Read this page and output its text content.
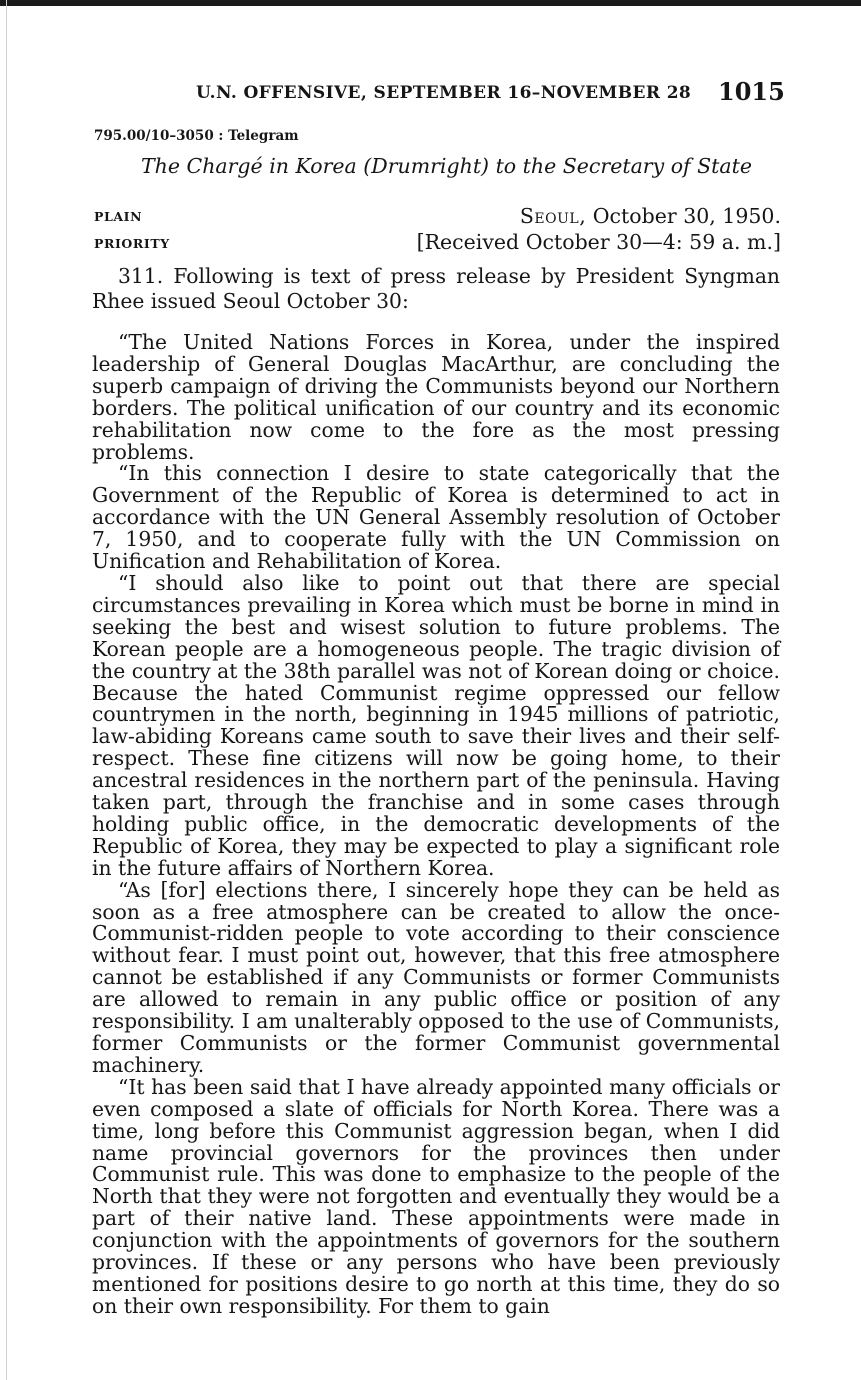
U.N. OFFENSIVE, SEPTEMBER 16–NOVEMBER 28 1015
795.00/10–3050 : Telegram
The Chargé in Korea (Drumright) to the Secretary of State
PLAIN
PRIORITY
Seoul, October 30, 1950.
[Received October 30—4: 59 a. m.]

311. Following is text of press release by President Syngman Rhee issued Seoul October 30:

“The United Nations Forces in Korea, under the inspired leadership of General Douglas MacArthur, are concluding the superb campaign of driving the Communists beyond our Northern borders. The political unification of our country and its economic rehabilitation now come to the fore as the most pressing problems.

“In this connection I desire to state categorically that the Government of the Republic of Korea is determined to act in accordance with the UN General Assembly resolution of October 7, 1950, and to cooperate fully with the UN Commission on Unification and Rehabilitation of Korea.

“I should also like to point out that there are special circumstances prevailing in Korea which must be borne in mind in seeking the best and wisest solution to future problems. The Korean people are a homogeneous people. The tragic division of the country at the 38th parallel was not of Korean doing or choice. Because the hated Communist regime oppressed our fellow countrymen in the north, beginning in 1945 millions of patriotic, law-abiding Koreans came south to save their lives and their self-respect. These fine citizens will now be going home, to their ancestral residences in the northern part of the peninsula. Having taken part, through the franchise and in some cases through holding public office, in the democratic developments of the Republic of Korea, they may be expected to play a significant role in the future affairs of Northern Korea.

“As [for] elections there, I sincerely hope they can be held as soon as a free atmosphere can be created to allow the once-Communist-ridden people to vote according to their conscience without fear. I must point out, however, that this free atmosphere cannot be established if any Communists or former Communists are allowed to remain in any public office or position of any responsibility. I am unalterably opposed to the use of Communists, former Communists or the former Communist governmental machinery.

“It has been said that I have already appointed many officials or even composed a slate of officials for North Korea. There was a time, long before this Communist aggression began, when I did name provincial governors for the provinces then under Communist rule. This was done to emphasize to the people of the North that they were not forgotten and eventually they would be a part of their native land. These appointments were made in conjunction with the appointments of governors for the southern provinces. If these or any persons who have been previously mentioned for positions desire to go north at this time, they do so on their own responsibility. For them to gain
